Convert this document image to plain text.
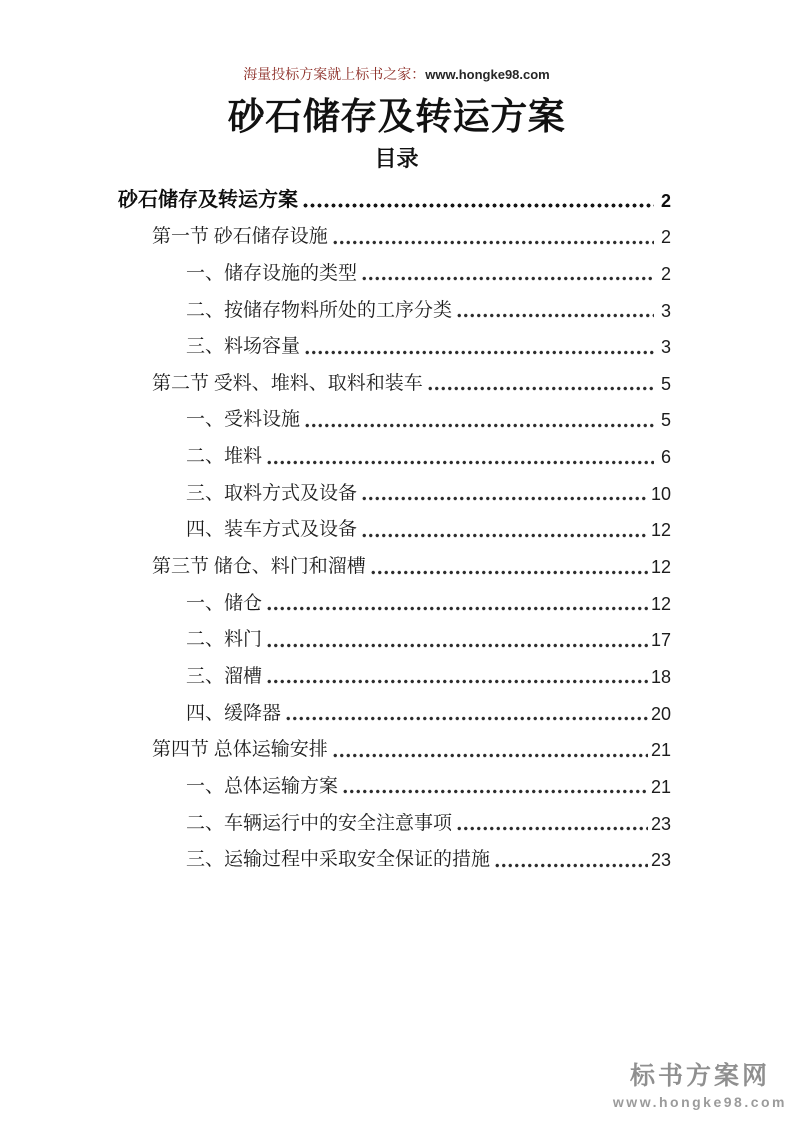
海量投标方案就上标书之家：www.hongke98.com
砂石储存及转运方案
目录
砂石储存及转运方案	2
第一节 砂石储存设施	2
一、储存设施的类型	2
二、按储存物料所处的工序分类	3
三、料场容量	3
第二节 受料、堆料、取料和装车	5
一、受料设施	5
二、堆料	6
三、取料方式及设备	10
四、装车方式及设备	12
第三节 储仓、料门和溜槽	12
一、储仓	12
二、料门	17
三、溜槽	18
四、缓降器	20
第四节 总体运输安排	21
一、总体运输方案	21
二、车辆运行中的安全注意事项	23
三、运输过程中采取安全保证的措施	23
标书方案网
www.hongke98.com
